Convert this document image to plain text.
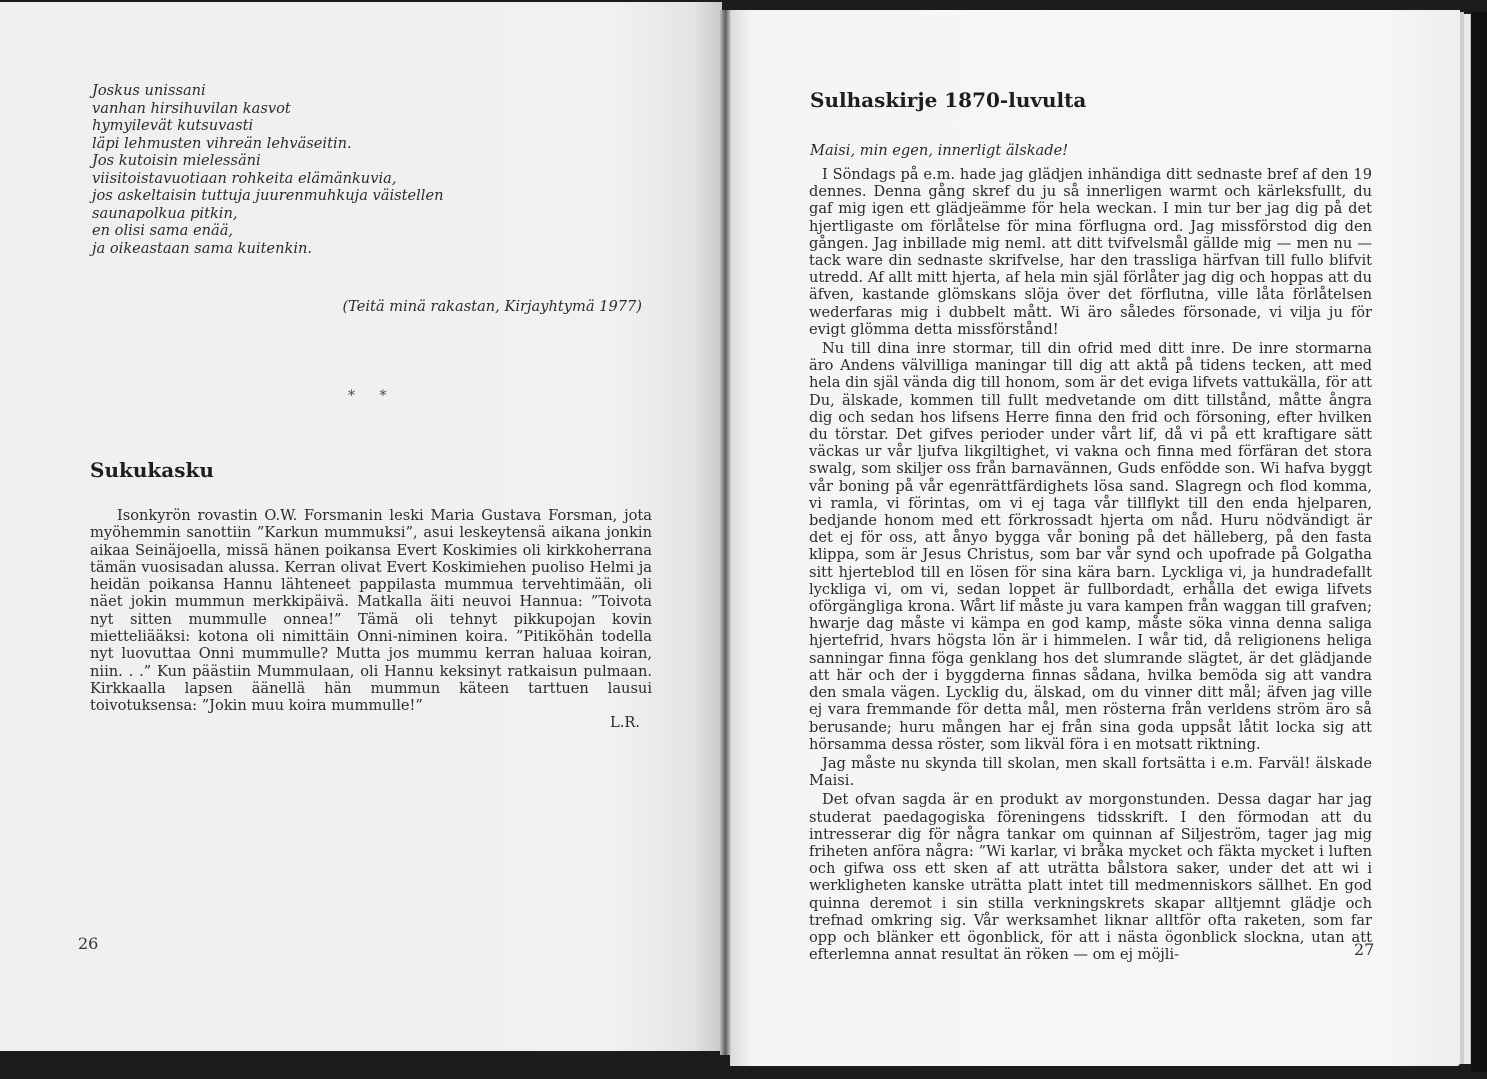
Joskus unissani
vanhan hirsihuvilan kasvot
hymyilevät kutsuvasti
läpi lehmusten vihreän lehväseitin.
Jos kutoisin mielessäni
viisitoistavuotiaan rohkeita elämänkuvia,
jos askeltaisin tuttuja juurenmuhkuja väistellen
saunapolkua pitkin,
en olisi sama enää,
ja oikeastaan sama kuitenkin.
(Teitä minä rakastan, Kirjayhtymä 1977)
* *
Sukukasku

Isonkyrön rovastin O.W. Forsmanin leski Maria Gustava Forsman, jota myöhemmin sanottiin ”Karkun mummuksi”, asui leskeytensä aikana jonkin aikaa Seinäjoella, missä hänen poikansa Evert Koskimies oli kirkkoherrana tämän vuosisadan alussa. Kerran olivat Evert Koskimiehen puoliso Helmi ja heidän poikansa Hannu lähteneet pappilasta mummua tervehtimään, oli näet jokin mummun merkkipäivä. Matkalla äiti neuvoi Hannua: ”Toivota nyt sitten mummulle onnea!” Tämä oli tehnyt pikkupojan kovin mietteliääksi: kotona oli nimittäin Onni-niminen koira. ”Pitiköhän todella nyt luovuttaa Onni mummulle? Mutta jos mummu kerran haluaa koiran, niin. . .” Kun päästiin Mummulaan, oli Hannu keksinyt ratkaisun pulmaan. Kirkkaalla lapsen äänellä hän mummun käteen tarttuen lausui toivotuksensa: ”Jokin muu koira mummulle!”

L.R.
26
Sulhaskirje 1870-luvulta
Maisi, min egen, innerligt älskade!

I Söndags på e.m. hade jag glädjen inhändiga ditt sednaste bref af den 19 dennes. Denna gång skref du ju så innerligen warmt och kärleksfullt, du gaf mig igen ett glädjeämme för hela weckan. I min tur ber jag dig på det hjertligaste om förlåtelse för mina förflugna ord. Jag missförstod dig den gången. Jag inbillade mig neml. att ditt tvifvelsmål gällde mig — men nu — tack ware din sednaste skrifvelse, har den trassliga härfvan till fullo blifvit utredd. Af allt mitt hjerta, af hela min själ förlåter jag dig och hoppas att du äfven, kastande glömskans slöja över det förflutna, ville låta förlåtelsen wederfaras mig i dubbelt mått. Wi äro således försonade, vi vilja ju för evigt glömma detta missförstånd!

Nu till dina inre stormar, till din ofrid med ditt inre. De inre stormarna äro Andens välvilliga maningar till dig att aktå på tidens tecken, att med hela din själ vända dig till honom, som är det eviga lifvets vattukälla, för att Du, älskade, kommen till fullt medvetande om ditt tillstånd, måtte ångra dig och sedan hos lifsens Herre finna den frid och försoning, efter hvilken du törstar. Det gifves perioder under vårt lif, då vi på ett kraftigare sätt väckas ur vår ljufva likgiltighet, vi vakna och finna med förfäran det stora swalg, som skiljer oss från barnavännen, Guds enfödde son. Wi hafva byggt vår boning på vår egenrättfärdighets lösa sand. Slagregn och flod komma, vi ramla, vi förintas, om vi ej taga vår tillflykt till den enda hjelparen, bedjande honom med ett förkrossadt hjerta om nåd. Huru nödvändigt är det ej för oss, att ånyo bygga vår boning på det hälleberg, på den fasta klippa, som är Jesus Christus, som bar vår synd och upofrade på Golgatha sitt hjerteblod till en lösen för sina kära barn. Lyckliga vi, ja hundradefallt lyckliga vi, om vi, sedan loppet är fullbordadt, erhålla det ewiga lifvets oförgängliga krona. Wårt lif måste ju vara kampen från waggan till grafven; hwarje dag måste vi kämpa en god kamp, måste söka vinna denna saliga hjertefrid, hvars högsta lön är i himmelen. I wår tid, då religionens heliga sanningar finna föga genklang hos det slumrande slägtet, är det glädjande att här och der i byggderna finnas sådana, hvilka bemöda sig att vandra den smala vägen. Lycklig du, älskad, om du vinner ditt mål; äfven jag ville ej vara fremmande för detta mål, men rösterna från verldens ström äro så berusande; huru mången har ej från sina goda uppsåt låtit locka sig att hörsamma dessa röster, som likväl föra i en motsatt riktning.

Jag måste nu skynda till skolan, men skall fortsätta i e.m. Farväl! älskade Maisi.

Det ofvan sagda är en produkt av morgonstunden. Dessa dagar har jag studerat paedagogiska föreningens tidsskrift. I den förmodan att du intresserar dig för några tankar om quinnan af Siljeström, tager jag mig friheten anföra några: ”Wi karlar, vi bråka mycket och fäkta mycket i luften och gifwa oss ett sken af att uträtta bålstora saker, under det att wi i werkligheten kanske uträtta platt intet till medmenniskors sällhet. En god quinna deremot i sin stilla verkningskrets skapar alltjemnt glädje och trefnad omkring sig. Vår werksamhet liknar alltför ofta raketen, som far opp och blänker ett ögonblick, för att i nästa ögonblick slockna, utan att efterlemna annat resultat än röken — om ej möjli-	27
